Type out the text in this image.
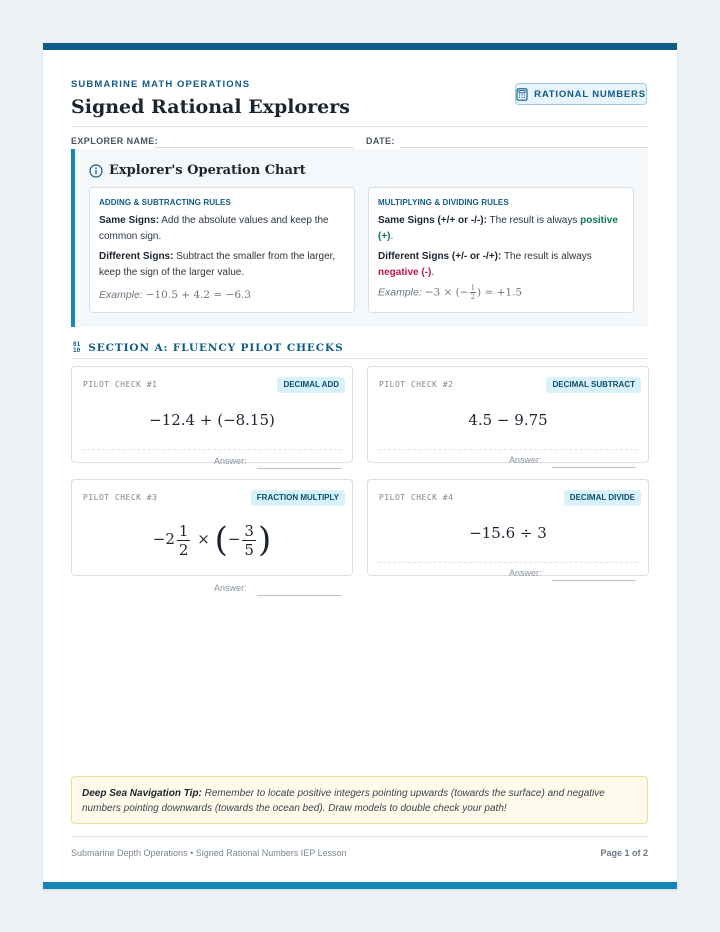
SUBMARINE MATH OPERATIONS
Signed Rational Explorers
RATIONAL NUMBERS
EXPLORER NAME:	DATE:
Explorer's Operation Chart
ADDING & SUBTRACTING RULES

Same Signs: Add the absolute values and keep the common sign.

Different Signs: Subtract the smaller from the larger, keep the sign of the larger value.

Example: −10.5 + 4.2 = −6.3
MULTIPLYING & DIVIDING RULES

Same Signs (+/+ or -/-): The result is always positive (+).

Different Signs (+/- or -/+): The result is always negative (-).

Example: −3 × (− $\frac{1}{2}$ ) = +1.5
01
10 SECTION A: FLUENCY PILOT CHECKS
PILOT CHECK #1	DECIMAL ADD
−12.4 + (−8.15)
Answer:
PILOT CHECK #2	DECIMAL SUBTRACT
4.5 − 9.75
Answer:
PILOT CHECK #3	FRACTION MULTIPLY
$-2 \frac{1}{2}$ × (− $\frac{3}{5}$ )
Answer:
PILOT CHECK #4	DECIMAL DIVIDE
−15.6 ÷ 3
Answer:
Deep Sea Navigation Tip: Remember to locate positive integers pointing upwards (towards the surface) and negative numbers pointing downwards (towards the ocean bed). Draw models to double check your path!
Submarine Depth Operations • Signed Rational Numbers IEP Lesson	Page 1 of 2
